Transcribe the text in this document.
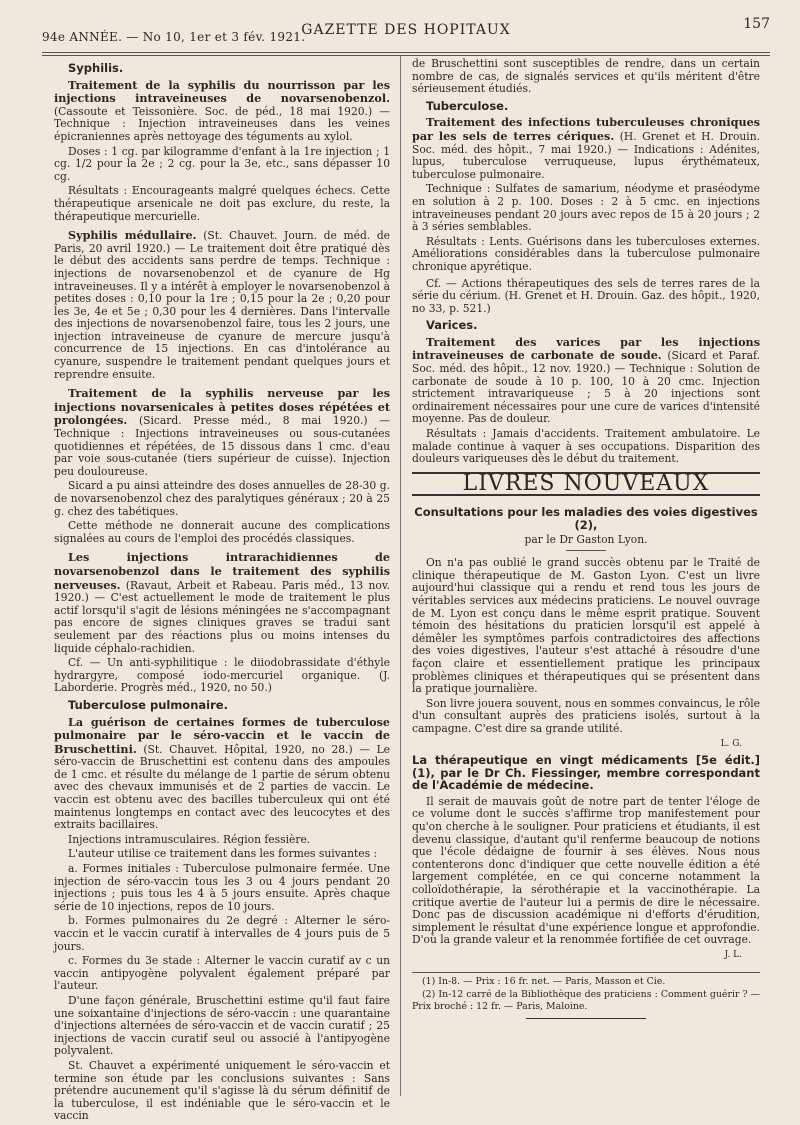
94e ANNÉE. — No 10, 1er et 3 fév. 1921.
GAZETTE DES HOPITAUX	157
Syphilis.

Traitement de la syphilis du nourrisson par les injections intraveineuses de novarsenobenzol. (Cassoute et Teissonière. Soc. de péd., 18 mai 1920.) — Technique : Injection intraveineuses dans les veines épicraniennes après nettoyage des téguments au xylol.

Doses : 1 cg. par kilogramme d'enfant à la 1re injection ; 1 cg. 1/2 pour la 2e ; 2 cg. pour la 3e, etc., sans dépasser 10 cg.

Résultats : Encourageants malgré quelques échecs. Cette thérapeutique arsenicale ne doit pas exclure, du reste, la thérapeutique mercurielle.

Syphilis médullaire. (St. Chauvet. Journ. de méd. de Paris, 20 avril 1920.) — Le traitement doit être pratiqué dès le début des accidents sans perdre de temps. Technique : injections de novarsenobenzol et de cyanure de Hg intraveineuses. Il y a intérêt à employer le novarsenobenzol à petites doses : 0,10 pour la 1re ; 0,15 pour la 2e ; 0,20 pour les 3e, 4e et 5e ; 0,30 pour les 4 dernières. Dans l'intervalle des injections de novarsenobenzol faire, tous les 2 jours, une injection intraveineuse de cyanure de mercure jusqu'à concurrence de 15 injections. En cas d'intolérance au cyanure, suspendre le traitement pendant quelques jours et reprendre ensuite.

Traitement de la syphilis nerveuse par les injections novarsenicales à petites doses répétées et prolongées. (Sicard. Presse méd., 8 mai 1920.) — Technique : Injections intraveineuses ou sous-cutanées quotidiennes et répétées, de 15 dissous dans 1 cmc. d'eau par voie sous-cutanée (tiers supérieur de cuisse). Injection peu douloureuse.

Sicard a pu ainsi atteindre des doses annuelles de 28-30 g. de novarsenobenzol chez des paralytiques généraux ; 20 à 25 g. chez des tabétiques.

Cette méthode ne donnerait aucune des complications signalées au cours de l'emploi des procédés classiques.

Les injections intrarachidiennes de novarsenobenzol dans le traitement des syphilis nerveuses. (Ravaut, Arbeit et Rabeau. Paris méd., 13 nov. 1920.) — C'est actuellement le mode de traitement le plus actif lorsqu'il s'agit de lésions méningées ne s'accompagnant pas encore de signes cliniques graves se tradui sant seulement par des réactions plus ou moins intenses du liquide céphalo-rachidien.

Cf. — Un anti-syphilitique : le diiodobrassidate d'éthyle hydrargyre, composé iodo-mercuriel organique. (J. Laborderie. Progrès méd., 1920, no 50.)

Tuberculose pulmonaire.

La guérison de certaines formes de tuberculose pulmonaire par le séro-vaccin et le vaccin de Bruschettini. (St. Chauvet. Hôpital, 1920, no 28.) — Le séro-vaccin de Bruschettini est contenu dans des ampoules de 1 cmc. et résulte du mélange de 1 partie de sérum obtenu avec des chevaux immunisés et de 2 parties de vaccin. Le vaccin est obtenu avec des bacilles tuberculeux qui ont été maintenus longtemps en contact avec des leucocytes et des extraits bacillaires.

Injections intramusculaires. Région fessière.

L'auteur utilise ce traitement dans les formes suivantes :

a. Formes initiales : Tuberculose pulmonaire fermée. Une injection de séro-vaccin tous les 3 ou 4 jours pendant 20 injections ; puis tous les 4 à 5 jours ensuite. Après chaque série de 10 injections, repos de 10 jours.

b. Formes pulmonaires du 2e degré : Alterner le séro-vaccin et le vaccin curatif à intervalles de 4 jours puis de 5 jours.

c. Formes du 3e stade : Alterner le vaccin curatif av c un vaccin antipyogène polyvalent également préparé par l'auteur.

D'une façon générale, Bruschettini estime qu'il faut faire une soixantaine d'injections de séro-vaccin : une quarantaine d'injections alternées de séro-vaccin et de vaccin curatif ; 25 injections de vaccin curatif seul ou associé à l'antipyogène polyvalent.

St. Chauvet a expérimenté uniquement le séro-vaccin et termine son étude par les conclusions suivantes : Sans prétendre aucunement qu'il s'agisse là du sérum définitif de la tuberculose, il est indéniable que le séro-vaccin et le vaccin

de Bruschettini sont susceptibles de rendre, dans un certain nombre de cas, de signalés services et qu'ils méritent d'être sérieusement étudiés.

Tuberculose.

Traitement des infections tuberculeuses chroniques par les sels de terres cériques. (H. Grenet et H. Drouin. Soc. méd. des hôpit., 7 mai 1920.) — Indications : Adénites, lupus, tuberculose verruqueuse, lupus érythémateux, tuberculose pulmonaire.

Technique : Sulfates de samarium, néodyme et praséodyme en solution à 2 p. 100. Doses : 2 à 5 cmc. en injections intraveineuses pendant 20 jours avec repos de 15 à 20 jours ; 2 à 3 séries semblables.

Résultats : Lents. Guérisons dans les tuberculoses externes. Améliorations considérables dans la tuberculose pulmonaire chronique apyrétique.

Cf. — Actions thérapeutiques des sels de terres rares de la série du cérium. (H. Grenet et H. Drouin. Gaz. des hôpit., 1920, no 33, p. 521.)

Varices.

Traitement des varices par les injections intraveineuses de carbonate de soude. (Sicard et Paraf. Soc. méd. des hôpit., 12 nov. 1920.) — Technique : Solution de carbonate de soude à 10 p. 100, 10 à 20 cmc. Injection strictement intravariqueuse ; 5 à 20 injections sont ordinairement nécessaires pour une cure de varices d'intensité moyenne. Pas de douleur.

Résultats : Jamais d'accidents. Traitement ambulatoire. Le malade continue à vaquer à ses occupations. Disparition des douleurs variqueuses dès le début du traitement.

LIVRES NOUVEAUX

Consultations pour les maladies des voies digestives (2),

par le Dr Gaston Lyon.

On n'a pas oublié le grand succès obtenu par le Traité de clinique thérapeutique de M. Gaston Lyon. C'est un livre aujourd'hui classique qui a rendu et rend tous les jours de véritables services aux médecins praticiens. Le nouvel ouvrage de M. Lyon est conçu dans le même esprit pratique. Souvent témoin des hésitations du praticien lorsqu'il est appelé à démêler les symptômes parfois contradictoires des affections des voies digestives, l'auteur s'est attaché à résoudre d'une façon claire et essentiellement pratique les principaux problèmes cliniques et thérapeutiques qui se présentent dans la pratique journalière.

Son livre jouera souvent, nous en sommes convaincus, le rôle d'un consultant auprès des praticiens isolés, surtout à la campagne. C'est dire sa grande utilité.

L. G.

La thérapeutique en vingt médicaments [5e édit.] (1), par le Dr Ch. Fiessinger, membre correspondant de l'Académie de médecine.

Il serait de mauvais goût de notre part de tenter l'éloge de ce volume dont le succès s'affirme trop manifestement pour qu'on cherche à le souligner. Pour praticiens et étudiants, il est devenu classique, d'autant qu'il renferme beaucoup de notions que l'école dédaigne de fournir à ses élèves. Nous nous contenterons donc d'indiquer que cette nouvelle édition a été largement complétée, en ce qui concerne notamment la colloïdothérapie, la sérothérapie et la vaccinothérapie. La critique avertie de l'auteur lui a permis de dire le nécessaire. Donc pas de discussion académique ni d'efforts d'érudition, simplement le résultat d'une expérience longue et approfondie. D'où la grande valeur et la renommée fortifiée de cet ouvrage.

J. L.

(1) In-8. — Prix : 16 fr. net. — Paris, Masson et Cie.

(2) In-12 carré de la Bibliothèque des praticiens : Comment guérir ? — Prix broché : 12 fr. — Paris, Maloine.
